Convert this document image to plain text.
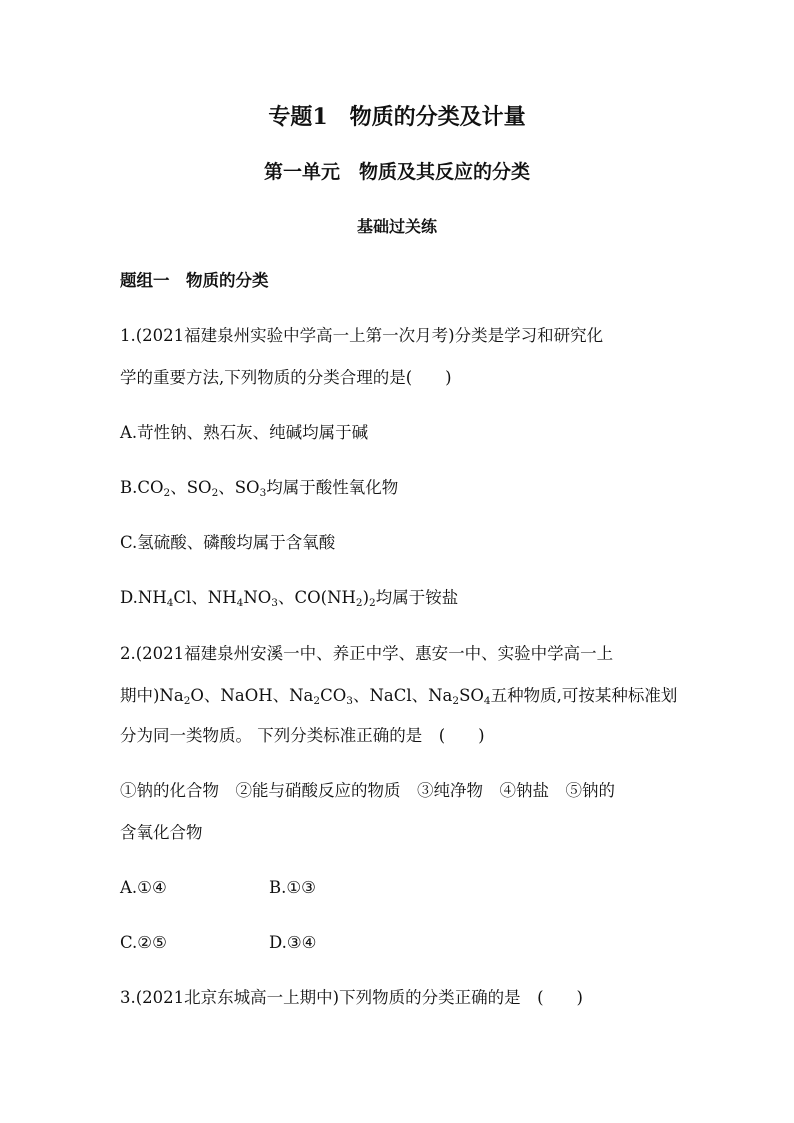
专题1　物质的分类及计量
第一单元　物质及其反应的分类
基础过关练
题组一　物质的分类
1.(2021福建泉州实验中学高一上第一次月考)分类是学习和研究化
学的重要方法,下列物质的分类合理的是(　　)
A.苛性钠、熟石灰、纯碱均属于碱
$B.CO_2$、$SO_2$、$SO_3$均属于酸性氧化物
C.氢硫酸、磷酸均属于含氧酸
$D.NH_4Cl$、$NH_4NO_3$、$CO(NH_2)_2$均属于铵盐
2.(2021福建泉州安溪一中、养正中学、惠安一中、实验中学高一上
期中)$Na_2O$、NaOH、$Na_2CO_3$、NaCl、$Na_2SO_4$五种物质,可按某种标准划
分为同一类物质。 下列分类标准正确的是　(　　)
①钠的化合物　②能与硝酸反应的物质　③纯净物　④钠盐　⑤钠的
含氧化合物
A.①④	B.①③
C.②⑤	D.③④
3.(2021北京东城高一上期中)下列物质的分类正确的是　(　　)
